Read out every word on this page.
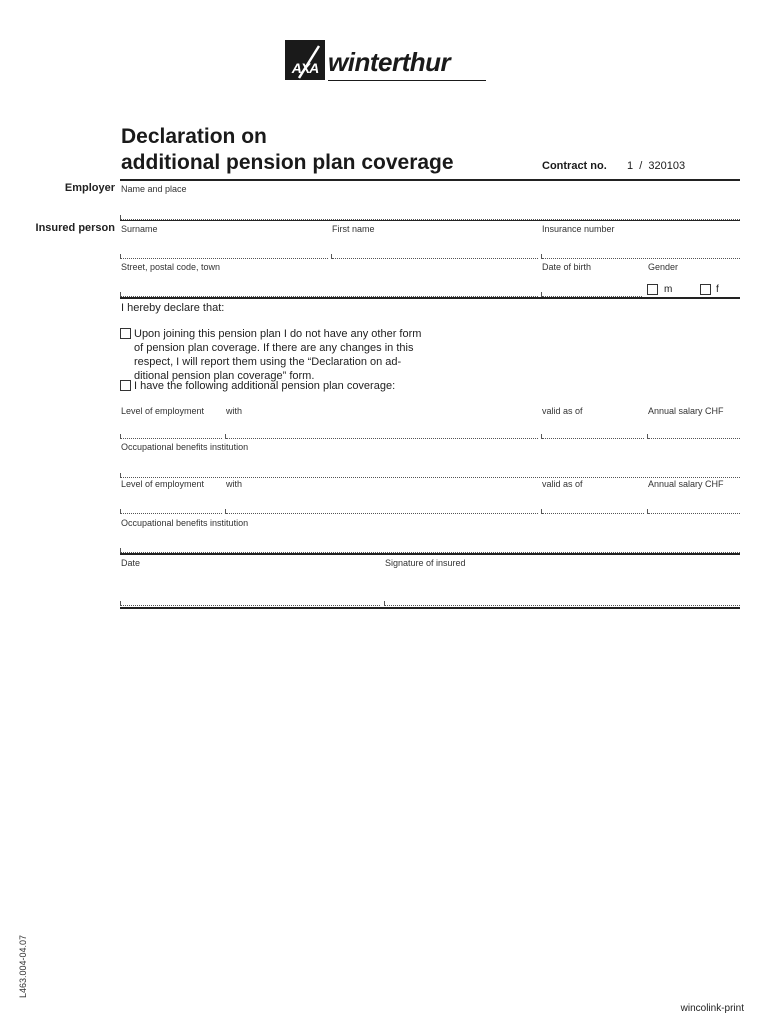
AXA winterthur
Declaration on
additional pension plan coverage	Contract no. 1  /  320103
Employer Name and place
Insured person Surname	First name	Insurance number
Street, postal code, town	Date of birth	Gender
m	f
I hereby declare that:
Upon joining this pension plan I do not have any other form
of pension plan coverage. If there are any changes in this
respect, I will report them using the “Declaration on ad-
ditional pension plan coverage” form.
I have the following additional pension plan coverage:
Level of employment with	valid as of	Annual salary CHF
Occupational benefits institution
Level of employment with	valid as of	Annual salary CHF
Occupational benefits institution
Date	Signature of insured
L463.004-04.07
wincolink-print
